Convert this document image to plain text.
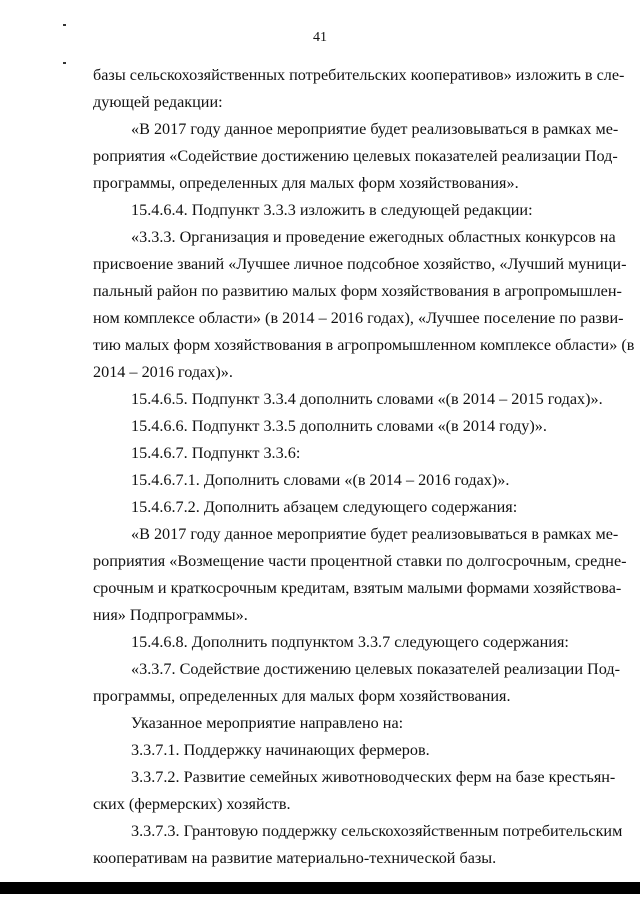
41
базы сельскохозяйственных потребительских кооперативов» изложить в сле-
дующей редакции:
«В 2017 году данное мероприятие будет реализовываться в рамках ме-
роприятия «Содействие достижению целевых показателей реализации Под-
программы, определенных для малых форм хозяйствования».
15.4.6.4. Подпункт 3.3.3 изложить в следующей редакции:
«3.3.3. Организация и проведение ежегодных областных конкурсов на
присвоение званий «Лучшее личное подсобное хозяйство, «Лучший муници-
пальный район по развитию малых форм хозяйствования в агропромышлен-
ном комплексе области» (в 2014 – 2016 годах), «Лучшее поселение по разви-
тию малых форм хозяйствования в агропромышленном комплексе области» (в
2014 – 2016 годах)».
15.4.6.5. Подпункт 3.3.4 дополнить словами «(в 2014 – 2015 годах)».
15.4.6.6. Подпункт 3.3.5 дополнить словами «(в 2014 году)».
15.4.6.7. Подпункт 3.3.6:
15.4.6.7.1. Дополнить словами «(в 2014 – 2016 годах)».
15.4.6.7.2. Дополнить абзацем следующего содержания:
«В 2017 году данное мероприятие будет реализовываться в рамках ме-
роприятия «Возмещение части процентной ставки по долгосрочным, средне-
срочным и краткосрочным кредитам, взятым малыми формами хозяйствова-
ния» Подпрограммы».
15.4.6.8. Дополнить подпунктом 3.3.7 следующего содержания:
«3.3.7. Содействие достижению целевых показателей реализации Под-
программы, определенных для малых форм хозяйствования.
Указанное мероприятие направлено на:
3.3.7.1. Поддержку начинающих фермеров.
3.3.7.2. Развитие семейных животноводческих ферм на базе крестьян-
ских (фермерских) хозяйств.
3.3.7.3. Грантовую поддержку сельскохозяйственным потребительским
кооперативам на развитие материально-технической базы.
